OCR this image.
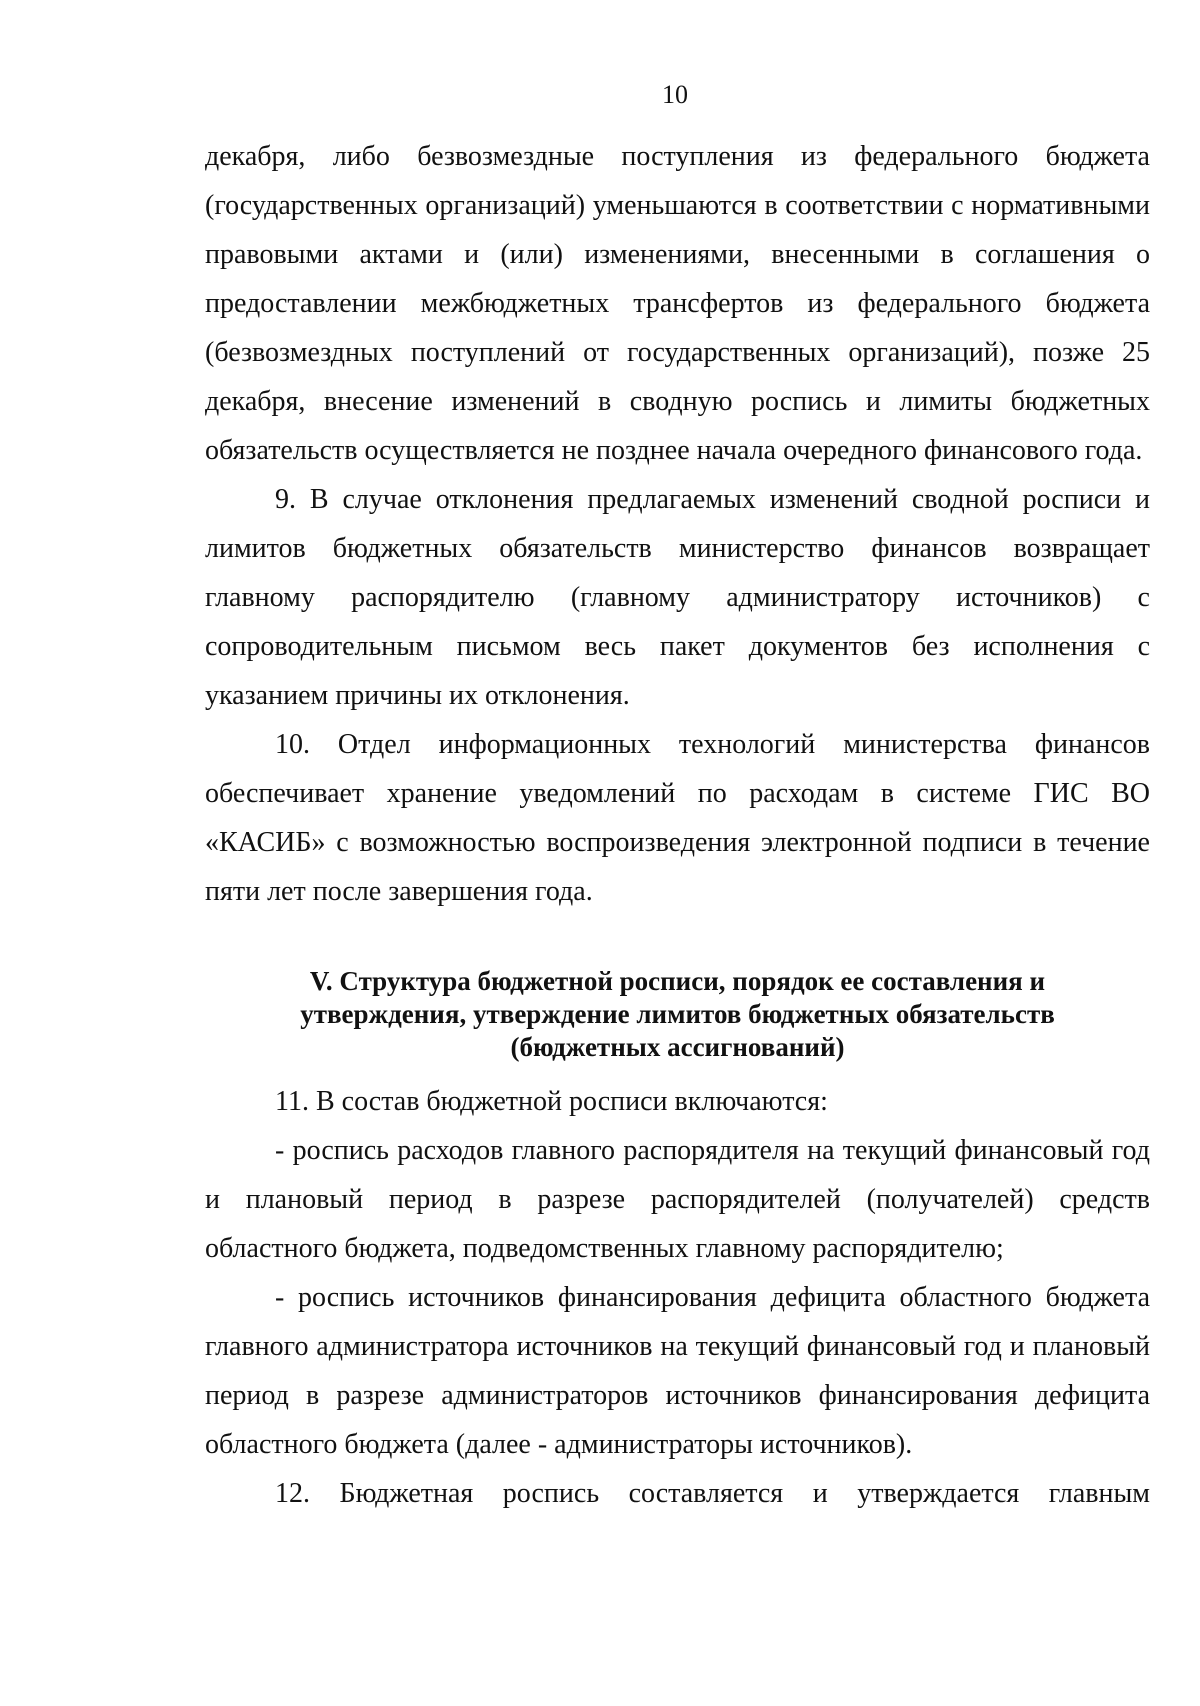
10

декабря, либо безвозмездные поступления из федерального бюджета (государственных организаций) уменьшаются в соответствии с нормативными правовыми актами и (или) изменениями, внесенными в соглашения о предоставлении межбюджетных трансфертов из федерального бюджета (безвозмездных поступлений от государственных организаций), позже 25 декабря, внесение изменений в сводную роспись и лимиты бюджетных обязательств осуществляется не позднее начала очередного финансового года.

9. В случае отклонения предлагаемых изменений сводной росписи и лимитов бюджетных обязательств министерство финансов возвращает главному распорядителю (главному администратору источников) с сопроводительным письмом весь пакет документов без исполнения с указанием причины их отклонения.

10. Отдел информационных технологий министерства финансов обеспечивает хранение уведомлений по расходам в системе ГИС ВО «КАСИБ» с возможностью воспроизведения электронной подписи в течение пяти лет после завершения года.

V. Структура бюджетной росписи, порядок ее составления и
утверждения, утверждение лимитов бюджетных обязательств
(бюджетных ассигнований)

11. В состав бюджетной росписи включаются:

- роспись расходов главного распорядителя на текущий финансовый год и плановый период в разрезе распорядителей (получателей) средств областного бюджета, подведомственных главному распорядителю;

- роспись источников финансирования дефицита областного бюджета главного администратора источников на текущий финансовый год и плановый период в разрезе администраторов источников финансирования дефицита областного бюджета (далее - администраторы источников).

12. Бюджетная роспись составляется и утверждается главным
